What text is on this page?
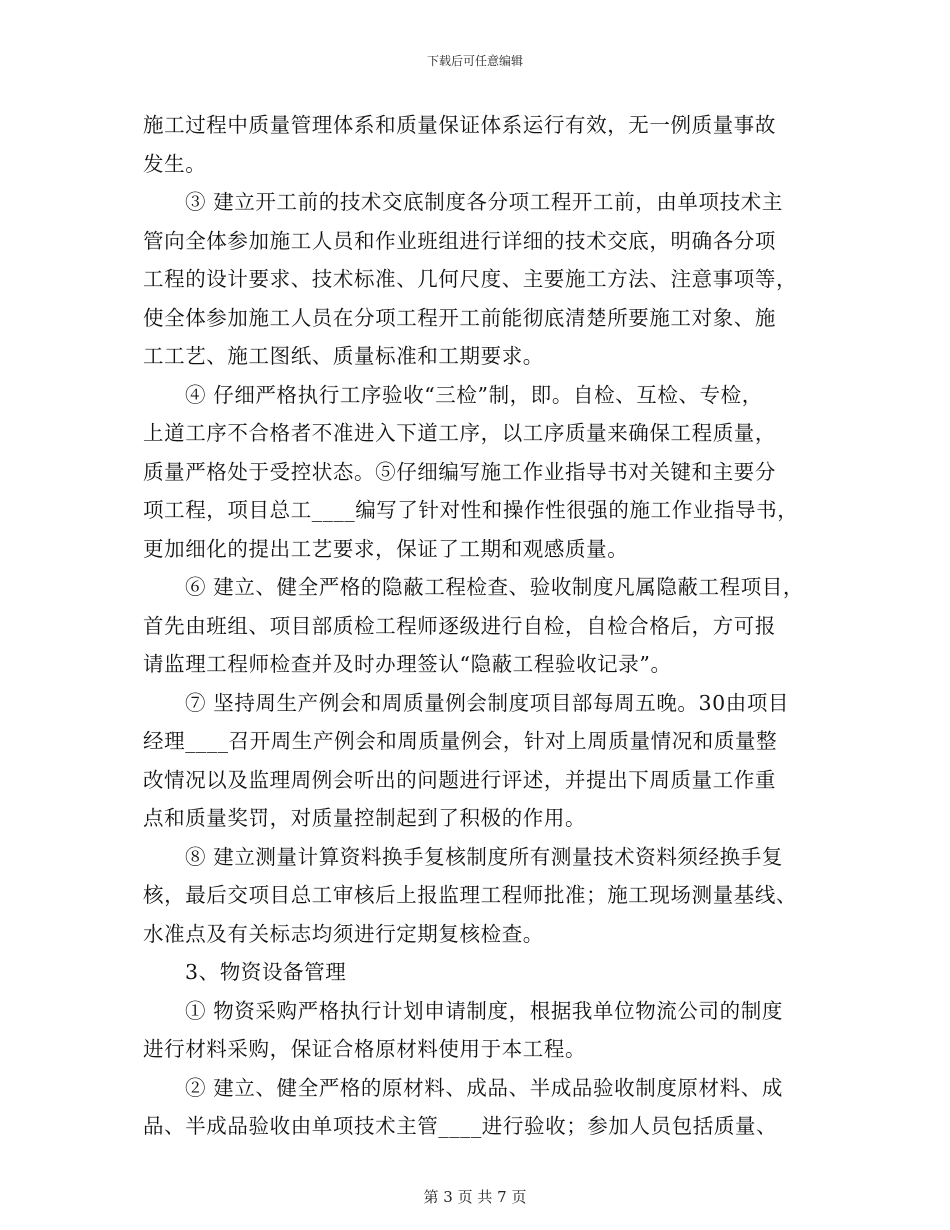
下载后可任意编辑
施工过程中质量管理体系和质量保证体系运行有效，无一例质量事故
发生。
③ 建立开工前的技术交底制度各分项工程开工前，由单项技术主
管向全体参加施工人员和作业班组进行详细的技术交底，明确各分项
工程的设计要求、技术标准、几何尺度、主要施工方法、注意事项等，
使全体参加施工人员在分项工程开工前能彻底清楚所要施工对象、施
工工艺、施工图纸、质量标准和工期要求。
④ 仔细严格执行工序验收“三检”制，即。自检、互检、专检，
上道工序不合格者不准进入下道工序，以工序质量来确保工程质量，
质量严格处于受控状态。⑤仔细编写施工作业指导书对关键和主要分
项工程，项目总工____编写了针对性和操作性很强的施工作业指导书，
更加细化的提出工艺要求，保证了工期和观感质量。
⑥ 建立、健全严格的隐蔽工程检查、验收制度凡属隐蔽工程项目，
首先由班组、项目部质检工程师逐级进行自检，自检合格后，方可报
请监理工程师检查并及时办理签认“隐蔽工程验收记录”。
⑦ 坚持周生产例会和周质量例会制度项目部每周五晚。30由项目
经理____召开周生产例会和周质量例会，针对上周质量情况和质量整
改情况以及监理周例会听出的问题进行评述，并提出下周质量工作重
点和质量奖罚，对质量控制起到了积极的作用。
⑧ 建立测量计算资料换手复核制度所有测量技术资料须经换手复
核，最后交项目总工审核后上报监理工程师批准；施工现场测量基线、
水准点及有关标志均须进行定期复核检查。
3、物资设备管理
① 物资采购严格执行计划申请制度，根据我单位物流公司的制度
进行材料采购，保证合格原材料使用于本工程。
② 建立、健全严格的原材料、成品、半成品验收制度原材料、成
品、半成品验收由单项技术主管____进行验收；参加人员包括质量、
第 3 页 共 7 页
